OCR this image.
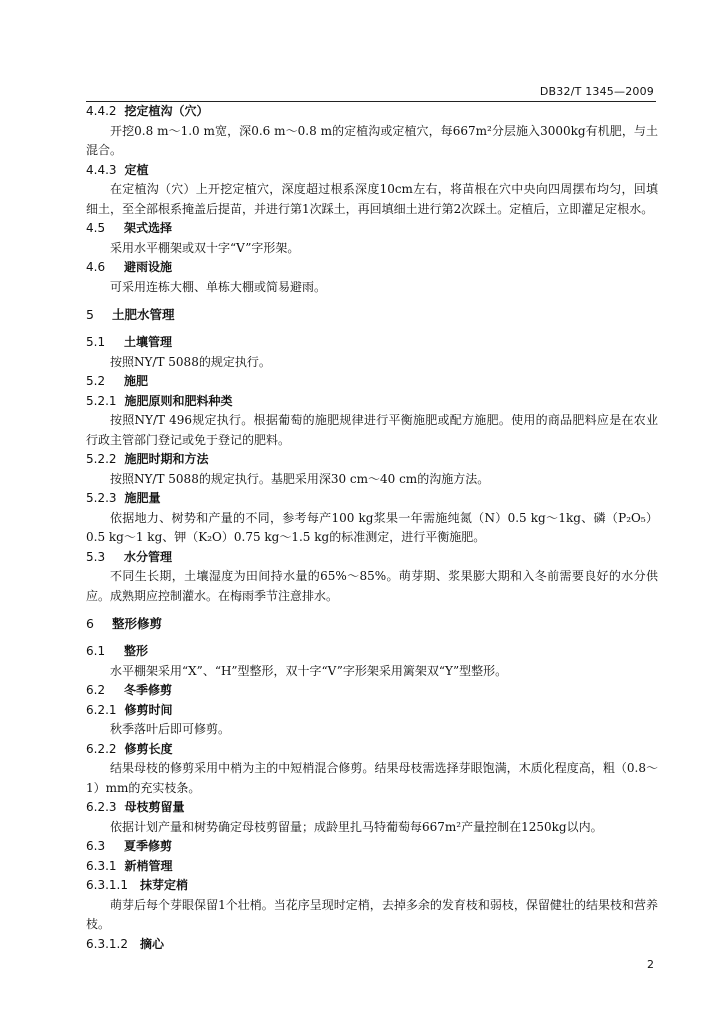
DB32/T 1345—2009
4.4.2 挖定植沟（穴）
开挖0.8 m～1.0 m宽，深0.6 m～0.8 m的定植沟或定植穴，每667m²分层施入3000kg有机肥，与土混合。
4.4.3 定植
在定植沟（穴）上开挖定植穴，深度超过根系深度10cm左右，将苗根在穴中央向四周摆布均匀，回填细土，至全部根系掩盖后提苗，并进行第1次踩土，再回填细土进行第2次踩土。定植后，立即灌足定根水。
4.5 架式选择
采用水平棚架或双十字“V”字形架。
4.6 避雨设施
可采用连栋大棚、单栋大棚或简易避雨。
5 土肥水管理
5.1 土壤管理
按照NY/T 5088的规定执行。
5.2 施肥
5.2.1 施肥原则和肥料种类
按照NY/T 496规定执行。根据葡萄的施肥规律进行平衡施肥或配方施肥。使用的商品肥料应是在农业行政主管部门登记或免于登记的肥料。
5.2.2 施肥时期和方法
按照NY/T 5088的规定执行。基肥采用深30 cm～40 cm的沟施方法。
5.2.3 施肥量
依据地力、树势和产量的不同，参考每产100 kg浆果一年需施纯氮（N）0.5 kg～1kg、磷（P₂O₅）0.5 kg～1 kg、钾（K₂O）0.75 kg～1.5 kg的标准测定，进行平衡施肥。
5.3 水分管理
不同生长期，土壤湿度为田间持水量的65%～85%。萌芽期、浆果膨大期和入冬前需要良好的水分供应。成熟期应控制灌水。在梅雨季节注意排水。
6 整形修剪
6.1 整形
水平棚架采用“X”、“H”型整形，双十字“V”字形架采用篱架双“Y”型整形。
6.2 冬季修剪
6.2.1 修剪时间
秋季落叶后即可修剪。
6.2.2 修剪长度
结果母枝的修剪采用中梢为主的中短梢混合修剪。结果母枝需选择芽眼饱满，木质化程度高，粗（0.8～1）mm的充实枝条。
6.2.3 母枝剪留量
依据计划产量和树势确定母枝剪留量；成龄里扎马特葡萄每667m²产量控制在1250kg以内。
6.3 夏季修剪
6.3.1 新梢管理
6.3.1.1 抹芽定梢
萌芽后每个芽眼保留1个壮梢。当花序呈现时定梢，去掉多余的发育枝和弱枝，保留健壮的结果枝和营养枝。
6.3.1.2 摘心
2
